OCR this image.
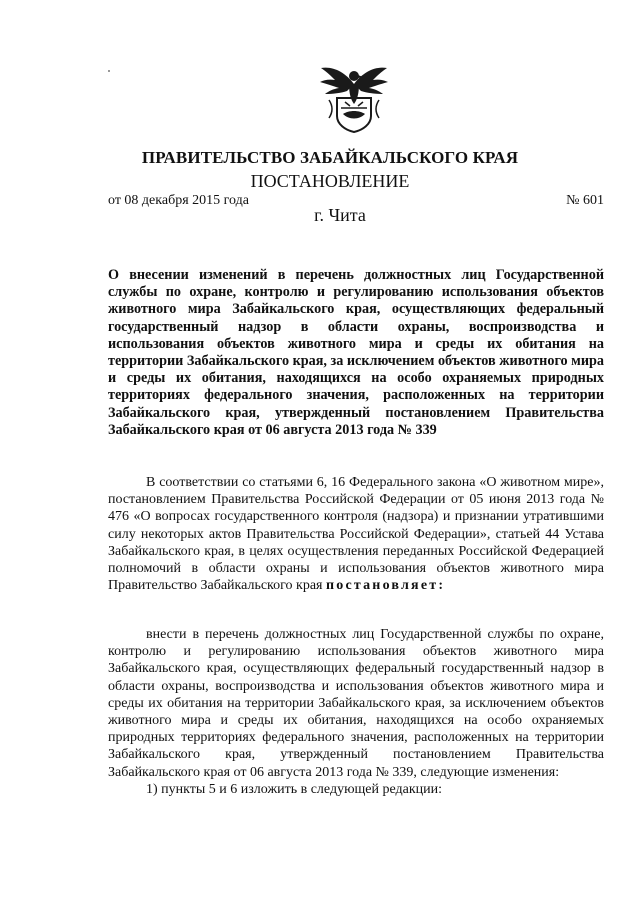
ПРАВИТЕЛЬСТВО ЗАБАЙКАЛЬСКОГО КРАЯ
ПОСТАНОВЛЕНИЕ
от 08 декабря 2015 года	№ 601
г. Чита
О внесении изменений в перечень должностных лиц Государственной службы по охране, контролю и регулированию использования объектов животного мира Забайкальского края, осуществляющих федеральный государственный надзор в области охраны, воспроизводства и использования объектов животного мира и среды их обитания на территории Забайкальского края, за исключением объектов животного мира и среды их обитания, находящихся на особо охраняемых природных территориях федерального значения, расположенных на территории Забайкальского края, утвержденный постановлением Правительства Забайкальского края от 06 августа 2013 года № 339

В соответствии со статьями 6, 16 Федерального закона «О животном мире», постановлением Правительства Российской Федерации от 05 июня 2013 года № 476 «О вопросах государственного контроля (надзора) и признании утратившими силу некоторых актов Правительства Российской Федерации», статьей 44 Устава Забайкальского края, в целях осуществления переданных Российской Федерацией полномочий в области охраны и использования объектов животного мира Правительство Забайкальского края постановляет:

внести в перечень должностных лиц Государственной службы по охране, контролю и регулированию использования объектов животного мира Забайкальского края, осуществляющих федеральный государственный надзор в области охраны, воспроизводства и использования объектов животного мира и среды их обитания на территории Забайкальского края, за исключением объектов животного мира и среды их обитания, находящихся на особо охраняемых природных территориях федерального значения, расположенных на территории Забайкальского края, утвержденный постановлением Правительства Забайкальского края от 06 августа 2013 года № 339, следующие изменения:

1) пункты 5 и 6 изложить в следующей редакции:
